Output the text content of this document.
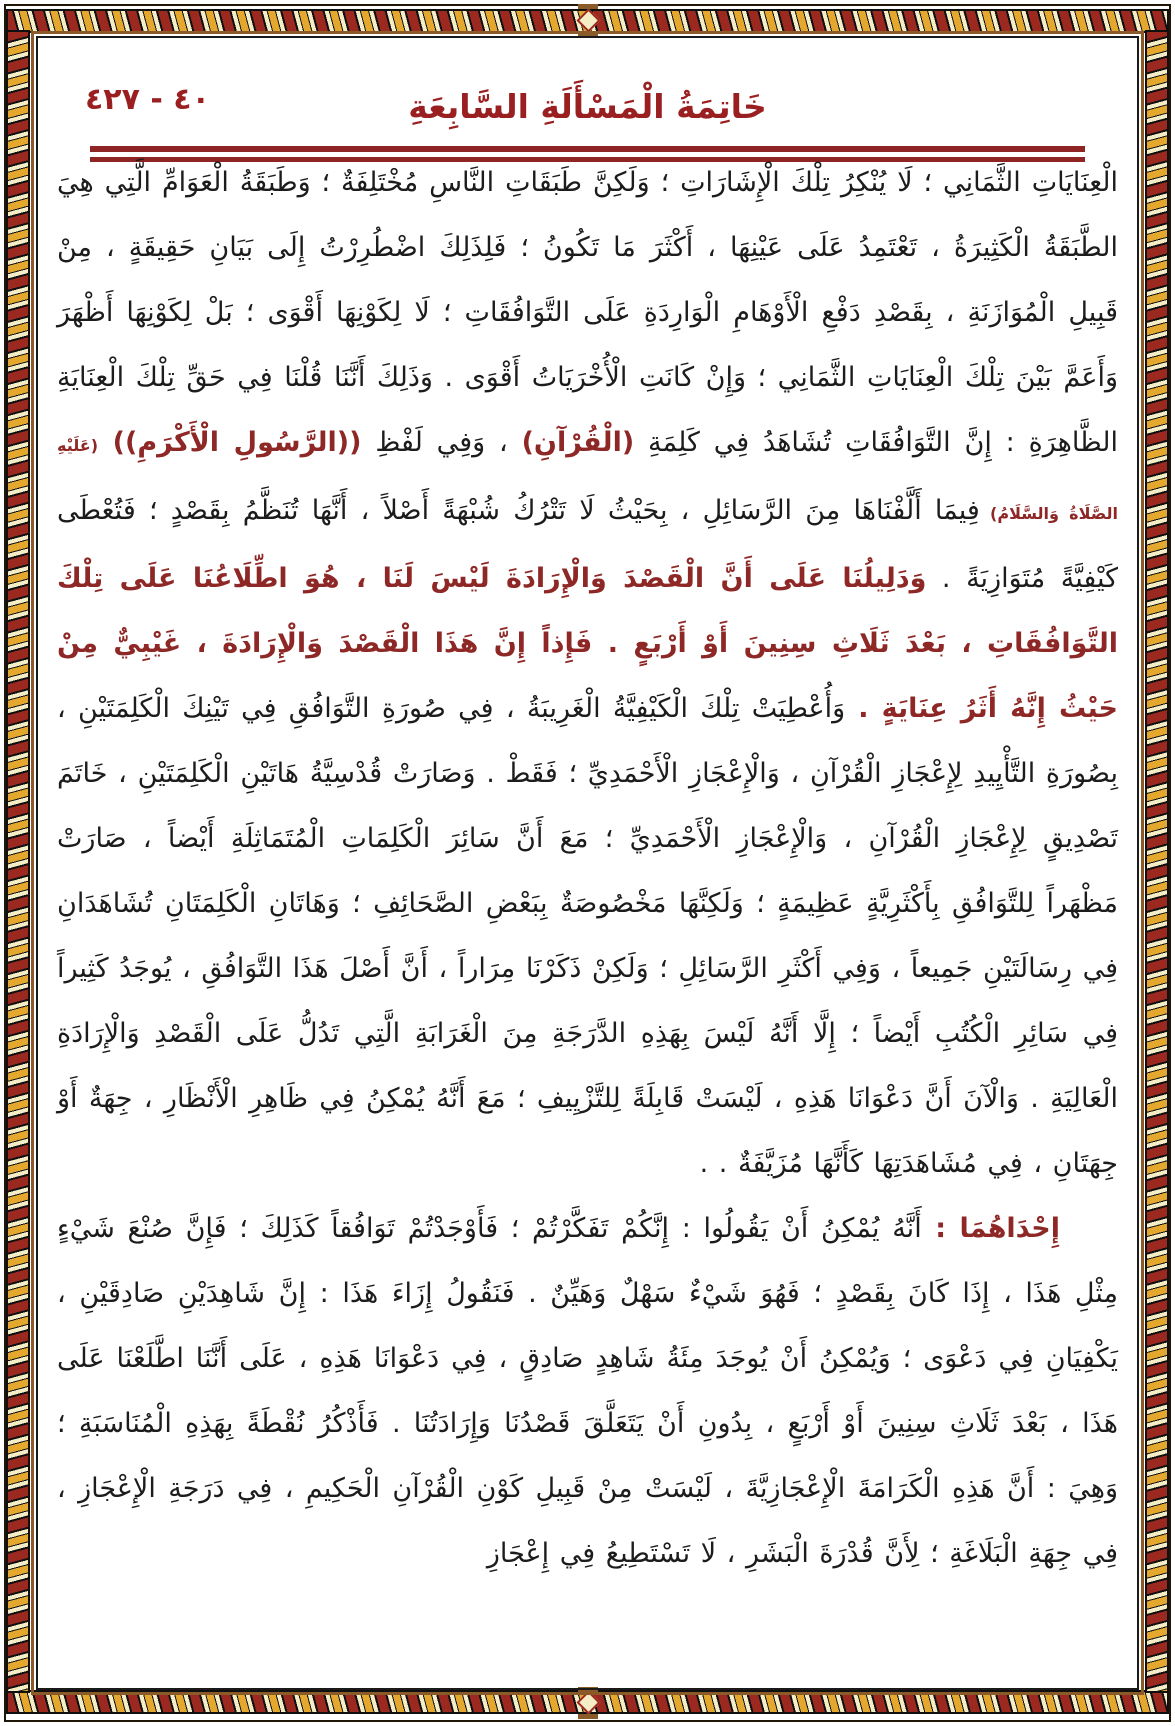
٤٠ - ٤٢٧	خَاتِمَةُ الْمَسْأَلَةِ السَّابِعَةِ

الْعِنَايَاتِ الثَّمَانِي ؛ لَا يُنْكِرُ تِلْكَ الْإِشَارَاتِ ؛ وَلَكِنَّ طَبَقَاتِ النَّاسِ مُخْتَلِفَةٌ ؛ وَطَبَقَةُ الْعَوَامِّ الَّتِي هِيَ الطَّبَقَةُ الْكَثِيرَةُ ، تَعْتَمِدُ عَلَى عَيْنِهَا ، أَكْثَرَ مَا تَكُونُ ؛ فَلِذَلِكَ اضْطُرِرْتُ إِلَى بَيَانِ حَقِيقَةٍ ، مِنْ قَبِيلِ الْمُوَازَنَةِ ، بِقَصْدِ دَفْعِ الْأَوْهَامِ الْوَارِدَةِ عَلَى التَّوَافُقَاتِ ؛ لَا لِكَوْنِهَا أَقْوَى ؛ بَلْ لِكَوْنِهَا أَظْهَرَ وَأَعَمَّ بَيْنَ تِلْكَ الْعِنَايَاتِ الثَّمَانِي ؛ وَإِنْ كَانَتِ الْأُخْرَيَاتُ أَقْوَى . وَذَلِكَ أَنَّنَا قُلْنَا فِي حَقِّ تِلْكَ الْعِنَايَةِ الظَّاهِرَةِ : إِنَّ التَّوَافُقَاتِ تُشَاهَدُ فِي كَلِمَةِ (الْقُرْآنِ) ، وَفِي لَفْظِ ((الرَّسُولِ الْأَكْرَمِ)) (عَلَيْهِ الصَّلَاةُ وَالسَّلَامُ) فِيمَا أَلَّفْنَاهَا مِنَ الرَّسَائِلِ ، بِحَيْثُ لَا تَتْرُكُ شُبْهَةً أَصْلاً ، أَنَّهَا تُنَظَّمُ بِقَصْدٍ ؛ فَتُعْطَى كَيْفِيَّةً مُتَوَازِيَةً . وَدَلِيلُنَا عَلَى أَنَّ الْقَصْدَ وَالْإِرَادَةَ لَيْسَ لَنَا ، هُوَ اطِّلَاعُنَا عَلَى تِلْكَ التَّوَافُقَاتِ ، بَعْدَ ثَلَاثِ سِنِينَ أَوْ أَرْبَعٍ . فَإِذاً إِنَّ هَذَا الْقَصْدَ وَالْإِرَادَةَ ، غَيْبِيٌّ مِنْ حَيْثُ إِنَّهُ أَثَرُ عِنَايَةٍ . وَأُعْطِيَتْ تِلْكَ الْكَيْفِيَّةُ الْغَرِيبَةُ ، فِي صُورَةِ التَّوَافُقِ فِي تَيْنِكَ الْكَلِمَتَيْنِ ، بِصُورَةِ التَّأْيِيدِ لِإِعْجَازِ الْقُرْآنِ ، وَالْإِعْجَازِ الْأَحْمَدِيِّ ؛ فَقَطْ . وَصَارَتْ قُدْسِيَّةُ هَاتَيْنِ الْكَلِمَتَيْنِ ، خَاتَمَ تَصْدِيقٍ لِإِعْجَازِ الْقُرْآنِ ، وَالْإِعْجَازِ الْأَحْمَدِيِّ ؛ مَعَ أَنَّ سَائِرَ الْكَلِمَاتِ الْمُتَمَاثِلَةِ أَيْضاً ، صَارَتْ مَظْهَراً لِلتَّوَافُقِ بِأَكْثَرِيَّةٍ عَظِيمَةٍ ؛ وَلَكِنَّهَا مَخْصُوصَةٌ بِبَعْضِ الصَّحَائِفِ ؛ وَهَاتَانِ الْكَلِمَتَانِ تُشَاهَدَانِ فِي رِسَالَتَيْنِ جَمِيعاً ، وَفِي أَكْثَرِ الرَّسَائِلِ ؛ وَلَكِنْ ذَكَرْنَا مِرَاراً ، أَنَّ أَصْلَ هَذَا التَّوَافُقِ ، يُوجَدُ كَثِيراً فِي سَائِرِ الْكُتُبِ أَيْضاً ؛ إِلَّا أَنَّهُ لَيْسَ بِهَذِهِ الدَّرَجَةِ مِنَ الْغَرَابَةِ الَّتِي تَدُلُّ عَلَى الْقَصْدِ وَالْإِرَادَةِ الْعَالِيَةِ . وَالْآنَ أَنَّ دَعْوَانَا هَذِهِ ، لَيْسَتْ قَابِلَةً لِلتَّزْيِيفِ ؛ مَعَ أَنَّهُ يُمْكِنُ فِي ظَاهِرِ الْأَنْظَارِ ، جِهَةٌ أَوْ جِهَتَانِ ، فِي مُشَاهَدَتِهَا كَأَنَّهَا مُزَيَّفَةٌ . .

إِحْدَاهُمَا : أَنَّهُ يُمْكِنُ أَنْ يَقُولُوا : إِنَّكُمْ تَفَكَّرْتُمْ ؛ فَأَوْجَدْتُمْ تَوَافُقاً كَذَلِكَ ؛ فَإِنَّ صُنْعَ شَيْءٍ مِثْلِ هَذَا ، إِذَا كَانَ بِقَصْدٍ ؛ فَهُوَ شَيْءٌ سَهْلٌ وَهَيِّنٌ . فَنَقُولُ إِزَاءَ هَذَا : إِنَّ شَاهِدَيْنِ صَادِقَيْنِ ، يَكْفِيَانِ فِي دَعْوَى ؛ وَيُمْكِنُ أَنْ يُوجَدَ مِئَةُ شَاهِدٍ صَادِقٍ ، فِي دَعْوَانَا هَذِهِ ، عَلَى أَنَّنَا اطَّلَعْنَا عَلَى هَذَا ، بَعْدَ ثَلَاثِ سِنِينَ أَوْ أَرْبَعٍ ، بِدُونِ أَنْ يَتَعَلَّقَ قَصْدُنَا وَإِرَادَتُنَا . فَأَذْكُرُ نُقْطَةً بِهَذِهِ الْمُنَاسَبَةِ ؛ وَهِيَ : أَنَّ هَذِهِ الْكَرَامَةَ الْإِعْجَازِيَّةَ ، لَيْسَتْ مِنْ قَبِيلِ كَوْنِ الْقُرْآنِ الْحَكِيمِ ، فِي دَرَجَةِ الْإِعْجَازِ ، فِي جِهَةِ الْبَلَاغَةِ ؛ لِأَنَّ قُدْرَةَ الْبَشَرِ ، لَا تَسْتَطِيعُ فِي إِعْجَازِ
